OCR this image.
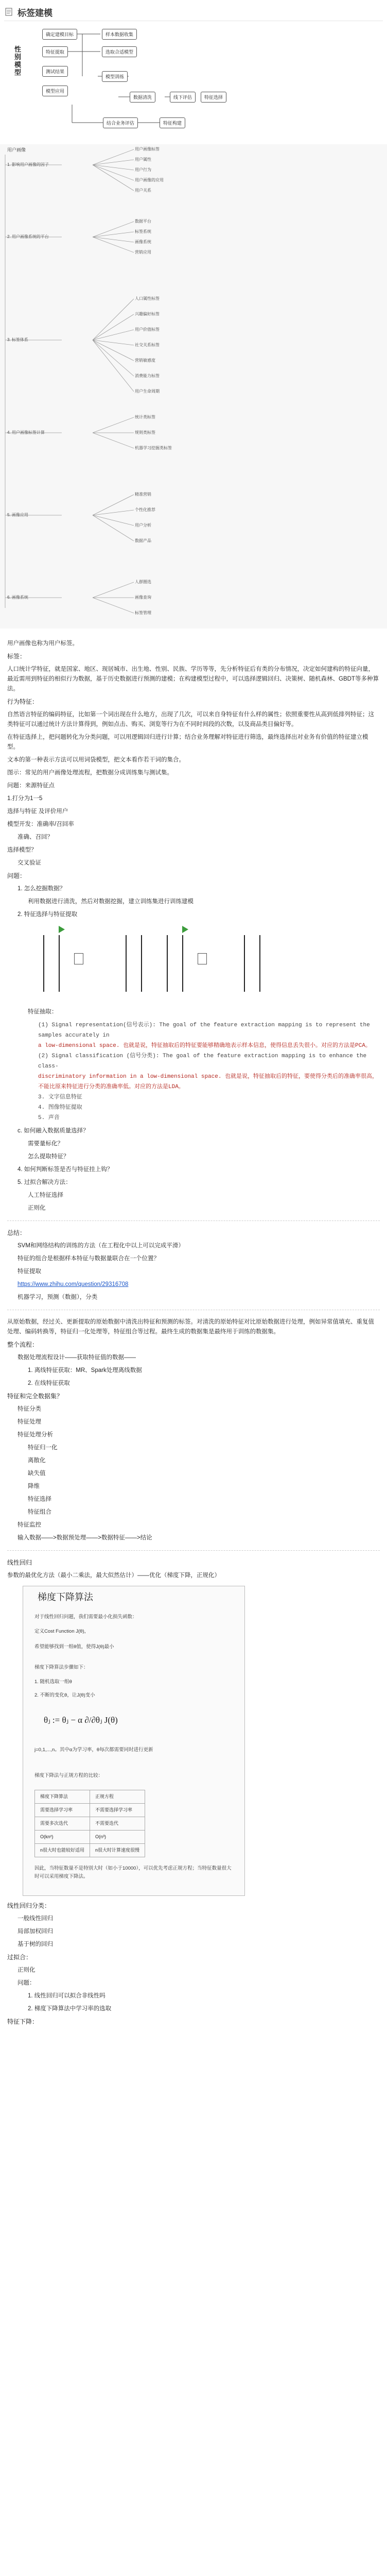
标签建模
性别模型
确定建模目标	样本数据收集
特征提取	选取合适模型
测试结果
模型训练
模型应用
数据清洗	线下评估	特征选择
结合业务评估	特征构建
用户画像
1. 影响用户画像的因子
用户画像标签
用户属性
用户行为
用户画像的应用
用户关系
2. 用户画像系统的平台
数据平台
标签系统
画像系统
营销应用
3. 标签体系
人口属性标签
兴趣偏好标签
用户价值标签
社交关系标签
营销敏感度
消费能力标签
用户生命周期
4. 用户画像标签计算
统计类标签
规则类标签
机器学习挖掘类标签
5. 画像应用
精准营销
个性化推荐
用户分析
数据产品
6. 画像系统
人群圈选
画像查询
标签管理

用户画像也称为用户标签。

标签：

人口统计学特征，就是国家、地区、现居城市、出生地、性别、民族、学历等等，先分析特征后有类的分布情况，决定如何建构的特征向量，最近需用到特征的相似行为数据，基于历史数据进行预测的建模；在构建模型过程中，可以选择逻辑回归、决策树、随机森林、GBDT等多种算法。

行为特征：

自然语言特征的编码特征，比如第一个词出现在什么地方，出现了几次，可以来自身特征有什么样的属性；依照重要性从高到低排列特征；这类特征可以通过统计方法计算得到，例如点击、购买、浏览等行为在不同时间段的次数，以及商品类目偏好等。

在特征选择上，把问题转化为分类问题，可以用逻辑回归进行计算；结合业务理解对特征进行筛选，最终选择出对业务有价值的特征建立模型。

文本的第一种表示方法可以用词袋模型，把文本看作若干词的集合。

图示：常见的用户画像处理流程，把数据分成训练集与测试集。

问题：来源特征点

1.打分为1一5

选择与特征 及评价用户

模型开发：准确率/召回率

准确、召回？

选择模型？

交叉验证

问题：

1. 怎么挖掘数据？

利用数据进行清洗，然后对数据挖掘，建立训练集进行训练建模

2. 特征选择与特征提取

特征抽取：

(1) Signal representation(信号表示): The goal of the feature extraction mapping is to represent the samples accurately in
a low-dimensional space. 也就是说，特征抽取后的特征要能够精确地表示样本信息，使得信息丢失很小。对应的方法是PCA。
(2) Signal classification (信号分类): The goal of the feature extraction mapping is to enhance the class-
discriminatory information in a low-dimensional space. 也就是说，特征抽取后的特征，要使得分类后的准确率很高，不能比原来特征进行分类的准确率低。对应的方法是LDA。
3. 文字信息特征
4. 图像特征提取
5. 声音

c. 如何融入数据质量选择？

需要量标化？

怎么提取特征？

4. 如何判断标签是否与特征挂上钩？

5. 过拟合解决方法：

人工特征选择

正则化

总结：

SVM和网络结构的训练的方法（在工程化中以上可以完成平滑）

特征的组合是根据样本特征与数据量联合在一个位置？

特征提取

https://www.zhihu.com/question/29316708

机器学习，预测（数据），分类

从原始数据，经过关、更新提取的原始数据中清洗出特征和预测的标签。对清洗的原始特征对比原始数据进行处理，例如异常值填充、重复值处理、编码转换等，特征归一化处理等，特征组合等过程。最终生成的数据集是最终用于训练的数据集。

整个流程：

数据处理流程设计——获取特征值的数据——

1. 离线特征获取：MR、Spark处理离线数据

2. 在线特征获取

特征和完全数据集？

特征分类

特征处理

特征处理分析

特征归一化

离散化

缺失值

降维

特征选择

特征组合

特征监控

输入数据——>数据预处理——>数据特征——>结论

线性回归

参数的最优化方法（最小二乘法，最大似然估计）——优化（梯度下降，正规化）

梯度下降算法
对于线性回归问题，我们需要最小化损失函数：
定义Cost Function J(θ)，
希望能够找到一组θ值，使得J(θ)最小
梯度下降算法步骤如下：
1. 随机选取一组θ
2. 不断的变化θ，让J(θ)变小
θⱼ := θⱼ − α ∂/∂θⱼ J(θ)
j=0,1,...,n。其中α为学习率，θ每次都需要同时进行更新
梯度下降法与正规方程的比较：
梯度下降算法	正规方程
需要选择学习率	不需要选择学习率
需要多次迭代	不需要迭代
O(kn²)	O(n³)
n很大时也能较好适用	n很大时计算速度很慢
因此，当特征数量不是特别大时（如小于10000），可以优先考虑正规方程；当特征数量很大时可以采用梯度下降法。

线性回归分类：

一般线性回归

局部加权回归

基于树的回归

过拟合：

正则化

问题：

1. 线性回归可以拟合非线性吗

2. 梯度下降算法中学习率的选取

特征下降：
